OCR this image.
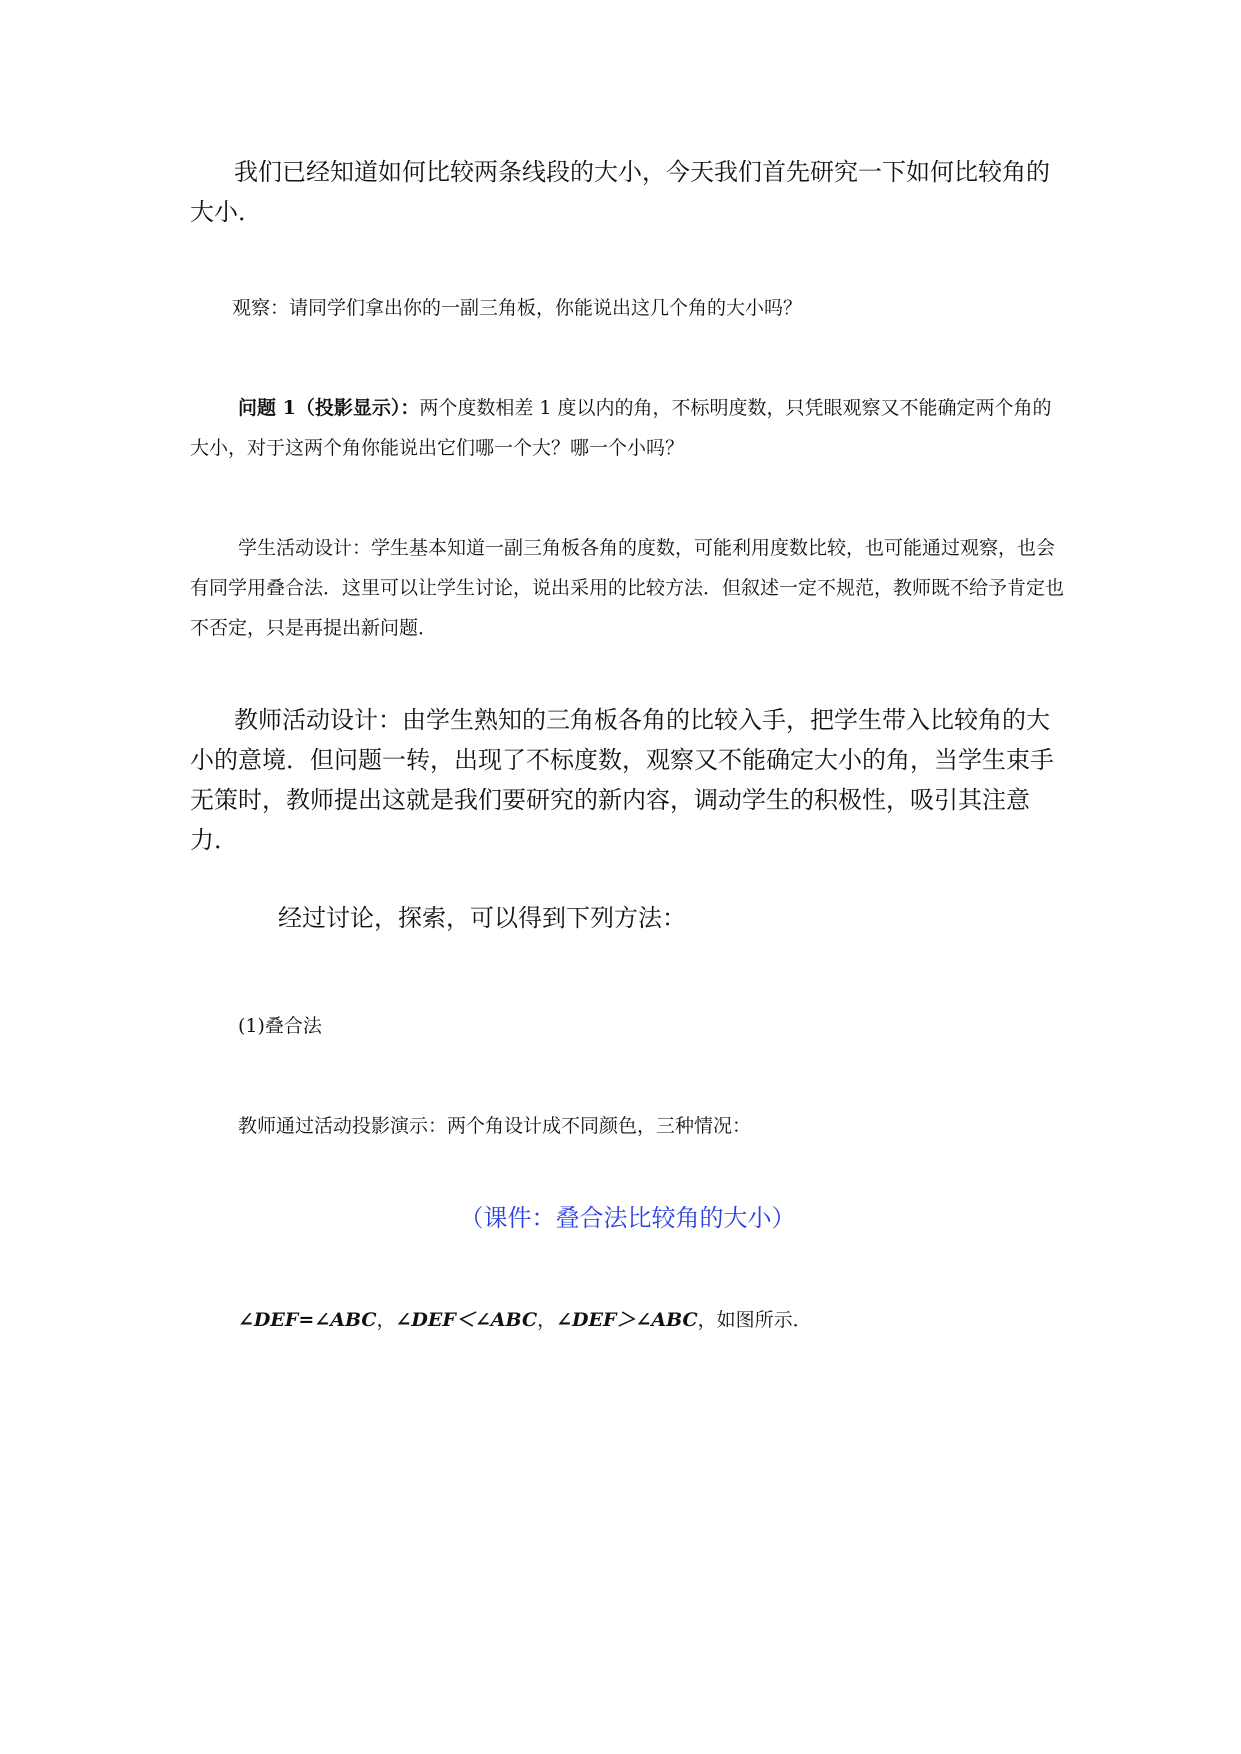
我们已经知道如何比较两条线段的大小，今天我们首先研究一下如何比较角的大小．

观察：请同学们拿出你的一副三角板，你能说出这几个角的大小吗？

问题 1（投影显示）：两个度数相差 1 度以内的角，不标明度数，只凭眼观察又不能确定两个角的大小，对于这两个角你能说出它们哪一个大？哪一个小吗？

学生活动设计：学生基本知道一副三角板各角的度数，可能利用度数比较，也可能通过观察，也会有同学用叠合法．这里可以让学生讨论，说出采用的比较方法．但叙述一定不规范，教师既不给予肯定也不否定，只是再提出新问题．

教师活动设计：由学生熟知的三角板各角的比较入手，把学生带入比较角的大小的意境．但问题一转，出现了不标度数，观察又不能确定大小的角，当学生束手无策时，教师提出这就是我们要研究的新内容，调动学生的积极性，吸引其注意力．

经过讨论，探索，可以得到下列方法：

(1)叠合法

教师通过活动投影演示：两个角设计成不同颜色，三种情况：

（课件：叠合法比较角的大小）

∠DEF=∠ABC，∠DEF＜∠ABC，∠DEF＞∠ABC，如图所示．
